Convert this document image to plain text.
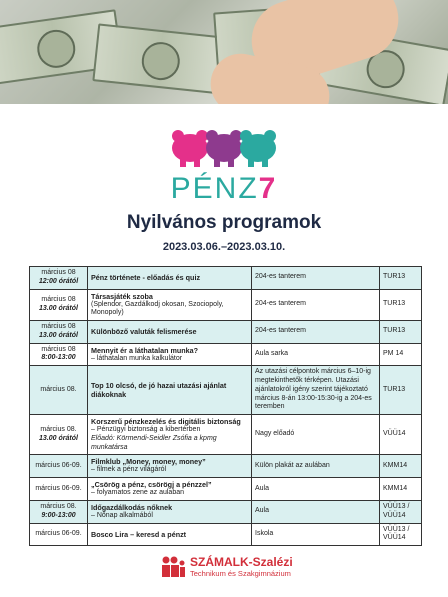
PÉNZ7
Nyilvános programok
2023.03.06.–2023.03.10.
március 08
12:00 órától	Pénz története - előadás és quiz	204-es tanterem	TUR13

március 08
13.00 órától	Társasjáték szoba
(Splendor, Gazdálkodj okosan, Szociopoly, Monopoly)	204-es tanterem	TUR13

március 08
13.00 órától	Különböző valuták felismerése	204-es tanterem	TUR13

március 08
8:00-13:00	Mennyit ér a láthatalan munka?
– láthatalan munka kalkulátor	Aula sarka	PM 14

március 08.	Top 10 olcsó, de jó hazai utazási ajánlat diákoknak	Az utazási célpontok március 6–10-ig megtekinthetők térképen. Utazási ajánlatokról igény szerint tájékoztató március 8-án 13:00-15:30-ig a 204-es teremben	TUR13

március 08.
13.00 órától	Korszerű pénzkezelés és digitális biztonság
– Pénzügyi biztonság a kibertérben
Előadó: Körmendi-Seidler Zsófia a kpmg munkatársa	Nagy előadó	VÜÜ14

március 06-09.	Filmklub „Money, money, money”
– filmek a pénz világáról	Külön plakát az aulában	KMM14

március 06-09.	„Csörög a pénz, csörögj a pénzzel”
– folyamatos zene az aulaban	Aula	KMM14

március 08.
9:00-13:00	Időgazdálkodás nőknek
– Nőnap alkalmából	Aula	VÜÜ13 / VÜÜ14

március 06-09.	Bosco Lira – keresd a pénzt	Iskola	VÜÜ13 / VÜÜ14
SZÁMALK-Szalézi
Technikum és Szakgimnázium
